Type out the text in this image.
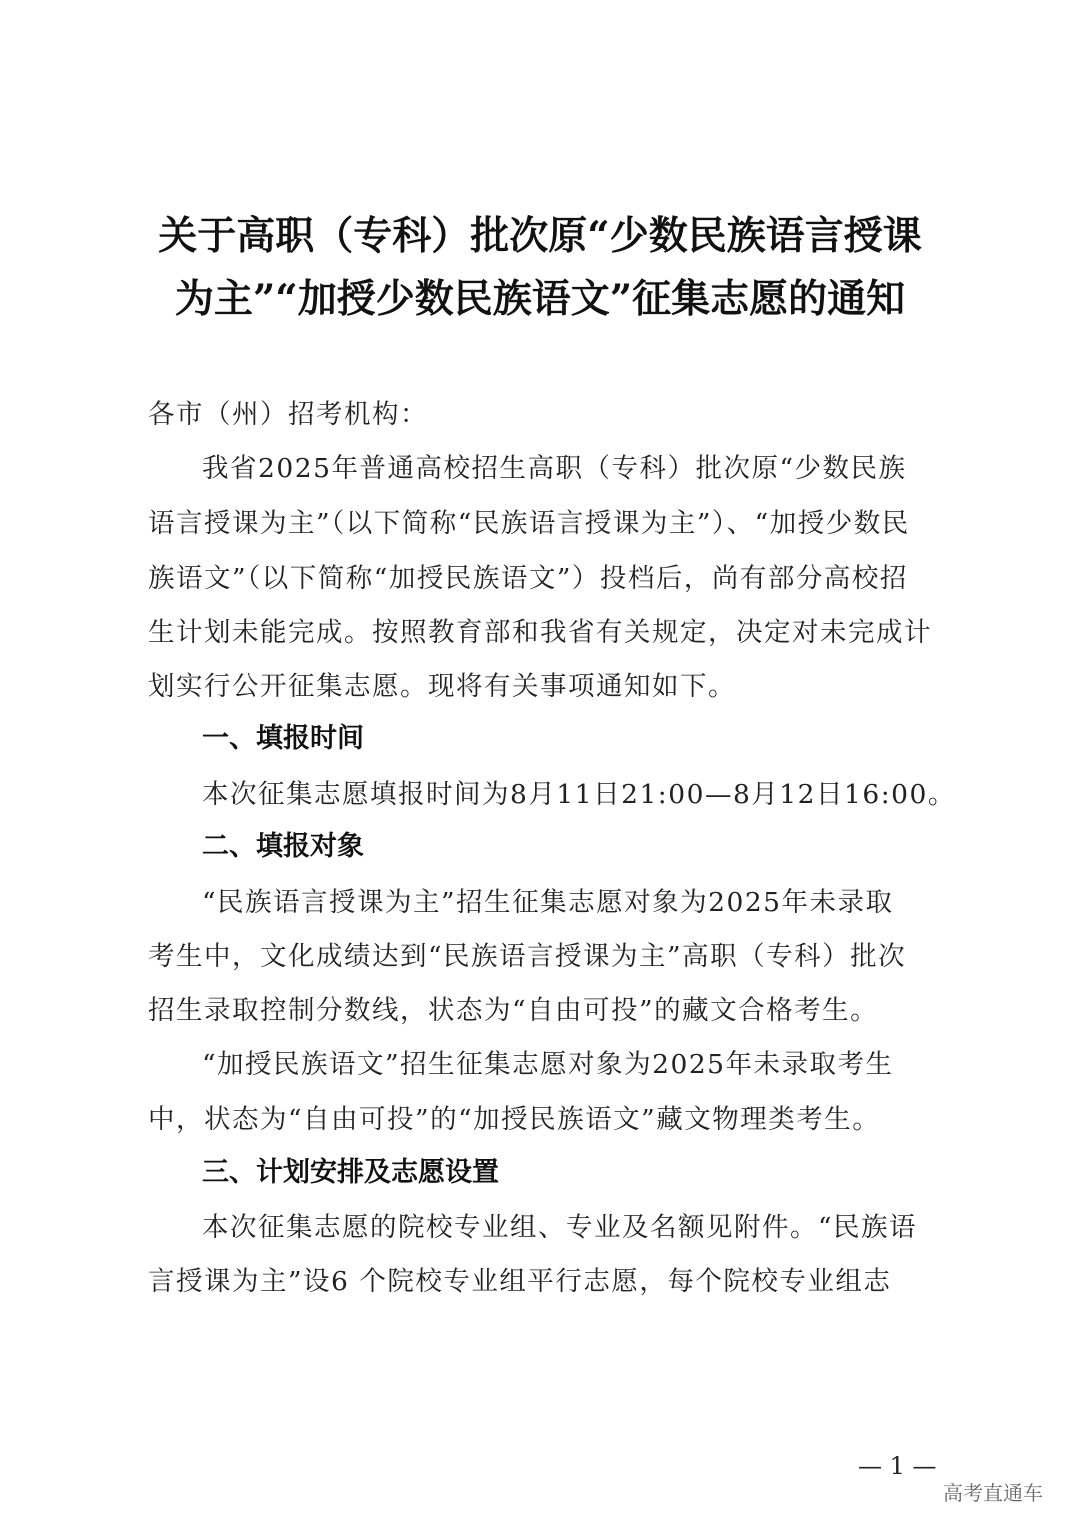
关于高职（专科）批次原“少数民族语言授课
为主”“加授少数民族语文”征集志愿的通知
各市（州）招考机构：
我省2025年普通高校招生高职（专科）批次原“少数民族
语言授课为主”（以下简称“民族语言授课为主”）、“加授少数民
族语文”（以下简称“加授民族语文”）投档后，尚有部分高校招
生计划未能完成。按照教育部和我省有关规定，决定对未完成计
划实行公开征集志愿。现将有关事项通知如下。
一、填报时间
本次征集志愿填报时间为8月11日21:00—8月12日16:00。
二、填报对象
“民族语言授课为主”招生征集志愿对象为2025年未录取
考生中，文化成绩达到“民族语言授课为主”高职（专科）批次
招生录取控制分数线，状态为“自由可投”的藏文合格考生。
“加授民族语文”招生征集志愿对象为2025年未录取考生
中，状态为“自由可投”的“加授民族语文”藏文物理类考生。
三、计划安排及志愿设置
本次征集志愿的院校专业组、专业及名额见附件。“民族语
言授课为主”设6 个院校专业组平行志愿，每个院校专业组志
— 1 —
高考直通车
